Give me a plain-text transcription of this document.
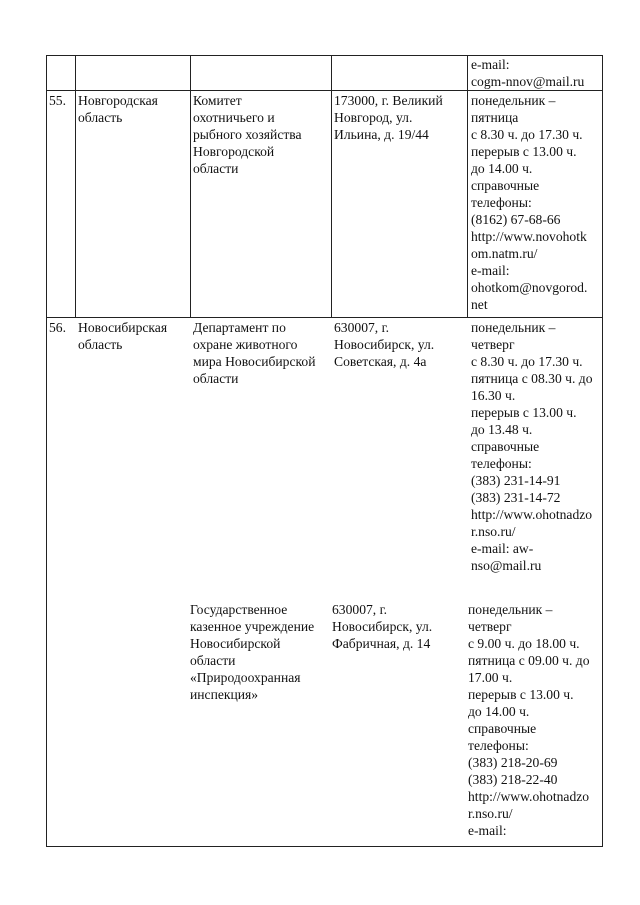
e-mail:
cogm-nnov@mail.ru
55. Новгородская
область
Комитет
охотничьего и
рыбного хозяйства
Новгородской
области
173000, г. Великий
Новгород, ул.
Ильина, д. 19/44
понедельник –
пятница
с 8.30 ч. до 17.30 ч.
перерыв с 13.00 ч.
до 14.00 ч.
справочные
телефоны:
(8162) 67-68-66
http://www.novohotk
om.natm.ru/
e-mail:
ohotkom@novgorod.
net
56. Новосибирская
область
Департамент по
охране животного
мира Новосибирской
области
630007, г.
Новосибирск, ул.
Советская, д. 4а
понедельник –
четверг
с 8.30 ч. до 17.30 ч.
пятница с 08.30 ч. до
16.30 ч.
перерыв с 13.00 ч.
до 13.48 ч.
справочные
телефоны:
(383) 231-14-91
(383) 231-14-72
http://www.ohotnadzo
r.nso.ru/
e-mail: aw-
nso@mail.ru
Государственное
казенное учреждение
Новосибирской
области
«Природоохранная
инспекция»
630007, г.
Новосибирск, ул.
Фабричная, д. 14
понедельник –
четверг
с 9.00 ч. до 18.00 ч.
пятница с 09.00 ч. до
17.00 ч.
перерыв с 13.00 ч.
до 14.00 ч.
справочные
телефоны:
(383) 218-20-69
(383) 218-22-40
http://www.ohotnadzo
r.nso.ru/
e-mail:
